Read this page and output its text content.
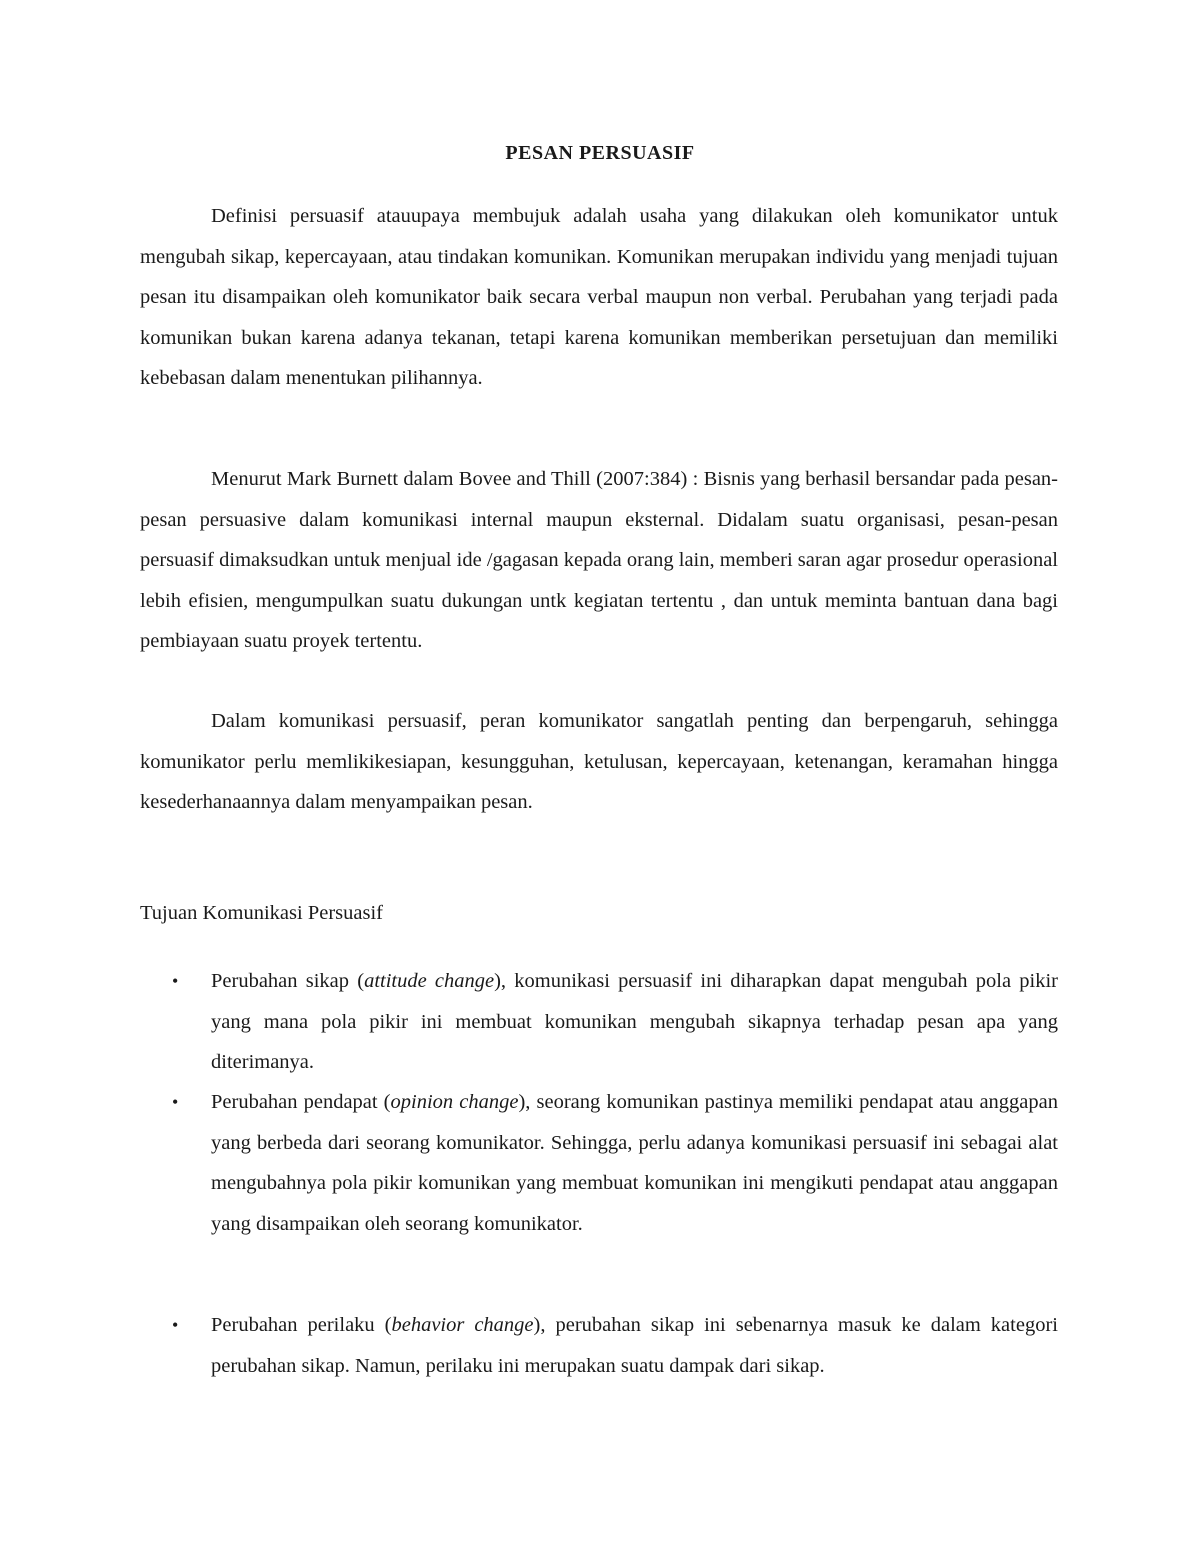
PESAN PERSUASIF

Definisi persuasif atauupaya membujuk adalah usaha yang dilakukan oleh komunikator untuk mengubah sikap, kepercayaan, atau tindakan komunikan. Komunikan merupakan individu yang menjadi tujuan pesan itu disampaikan oleh komunikator baik secara verbal maupun non verbal. Perubahan yang terjadi pada komunikan bukan karena adanya tekanan, tetapi karena komunikan memberikan persetujuan dan memiliki kebebasan dalam menentukan pilihannya.

Menurut Mark Burnett dalam Bovee and Thill (2007:384) : Bisnis yang berhasil bersandar pada pesan-pesan persuasive dalam komunikasi internal maupun eksternal. Didalam suatu organisasi, pesan-pesan persuasif dimaksudkan untuk menjual ide /gagasan kepada orang lain, memberi saran agar prosedur operasional lebih efisien, mengumpulkan suatu dukungan untk kegiatan tertentu , dan untuk meminta bantuan dana bagi pembiayaan suatu proyek tertentu.

Dalam komunikasi persuasif, peran komunikator sangatlah penting dan berpengaruh, sehingga komunikator perlu memlikikesiapan, kesungguhan, ketulusan, kepercayaan, ketenangan, keramahan hingga kesederhanaannya dalam menyampaikan pesan.

Tujuan Komunikasi Persuasif
• Perubahan sikap (attitude change), komunikasi persuasif ini diharapkan dapat mengubah pola pikir yang mana pola pikir ini membuat komunikan mengubah sikapnya terhadap pesan apa yang diterimanya.
• Perubahan pendapat (opinion change), seorang komunikan pastinya memiliki pendapat atau anggapan yang berbeda dari seorang komunikator. Sehingga, perlu adanya komunikasi persuasif ini sebagai alat mengubahnya pola pikir komunikan yang membuat komunikan ini mengikuti pendapat atau anggapan yang disampaikan oleh seorang komunikator.
• Perubahan perilaku (behavior change), perubahan sikap ini sebenarnya masuk ke dalam kategori perubahan sikap. Namun, perilaku ini merupakan suatu dampak dari sikap.
